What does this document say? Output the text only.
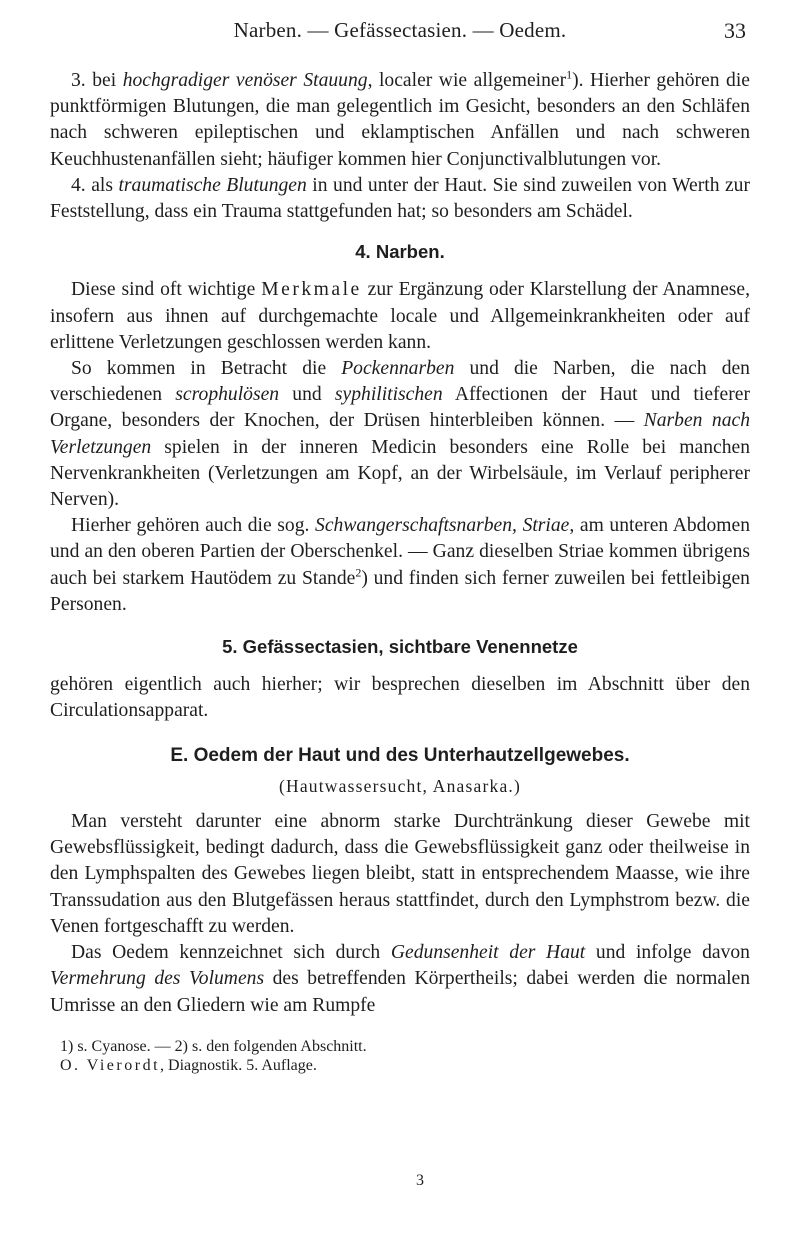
Narben. — Gefässectasien. — Oedem.	33

3. bei hochgradiger venöser Stauung, localer wie allgemeiner$^1$). Hierher gehören die punktförmigen Blutungen, die man gelegentlich im Gesicht, besonders an den Schläfen nach schweren epileptischen und eklamptischen Anfällen und nach schweren Keuchhustenanfällen sieht; häufiger kommen hier Conjunctivalblutungen vor.

4. als traumatische Blutungen in und unter der Haut. Sie sind zuweilen von Werth zur Feststellung, dass ein Trauma stattgefunden hat; so besonders am Schädel.

4. Narben.

Diese sind oft wichtige Merkmale zur Ergänzung oder Klarstellung der Anamnese, insofern aus ihnen auf durchgemachte locale und Allgemeinkrankheiten oder auf erlittene Verletzungen geschlossen werden kann.

So kommen in Betracht die Pockennarben und die Narben, die nach den verschiedenen scrophulösen und syphilitischen Affectionen der Haut und tieferer Organe, besonders der Knochen, der Drüsen hinterbleiben können. — Narben nach Verletzungen spielen in der inneren Medicin besonders eine Rolle bei manchen Nervenkrankheiten (Verletzungen am Kopf, an der Wirbelsäule, im Verlauf peripherer Nerven).

Hierher gehören auch die sog. Schwangerschaftsnarben, Striae, am unteren Abdomen und an den oberen Partien der Oberschenkel. — Ganz dieselben Striae kommen übrigens auch bei starkem Hautödem zu Stande$^2$) und finden sich ferner zuweilen bei fettleibigen Personen.

5. Gefässectasien, sichtbare Venennetze

gehören eigentlich auch hierher; wir besprechen dieselben im Abschnitt über den Circulationsapparat.

E. Oedem der Haut und des Unterhautzellgewebes.
(Hautwassersucht, Anasarka.)

Man versteht darunter eine abnorm starke Durchtränkung dieser Gewebe mit Gewebsflüssigkeit, bedingt dadurch, dass die Gewebsflüssigkeit ganz oder theilweise in den Lymphspalten des Gewebes liegen bleibt, statt in entsprechendem Maasse, wie ihre Transsudation aus den Blutgefässen heraus stattfindet, durch den Lymphstrom bezw. die Venen fortgeschafft zu werden.

Das Oedem kennzeichnet sich durch Gedunsenheit der Haut und infolge davon Vermehrung des Volumens des betreffenden Körpertheils; dabei werden die normalen Umrisse an den Gliedern wie am Rumpfe

1) s. Cyanose. — 2) s. den folgenden Abschnitt.

O. Vierordt, Diagnostik. 5. Auflage.

3
